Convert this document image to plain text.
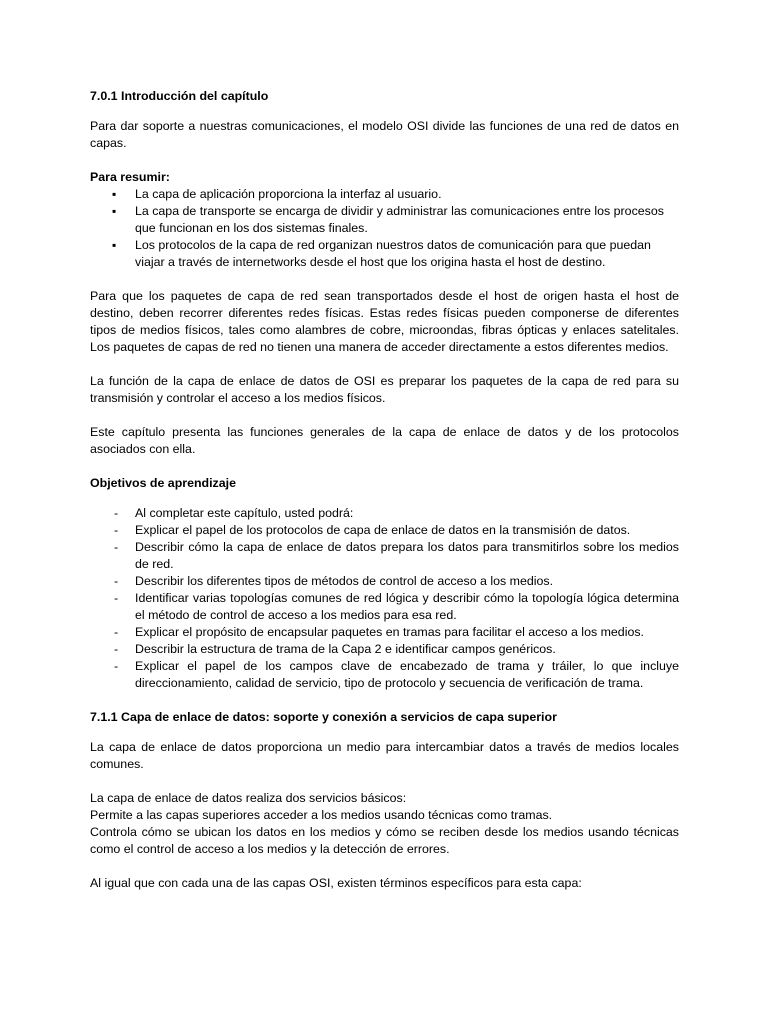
7.0.1 Introducción del capítulo

Para dar soporte a nuestras comunicaciones, el modelo OSI divide las funciones de una red de datos en capas.

Para resumir:

▪ La capa de aplicación proporciona la interfaz al usuario.
▪ La capa de transporte se encarga de dividir y administrar las comunicaciones entre los procesos que funcionan en los dos sistemas finales.
▪ Los protocolos de la capa de red organizan nuestros datos de comunicación para que puedan viajar a través de internetworks desde el host que los origina hasta el host de destino.

Para que los paquetes de capa de red sean transportados desde el host de origen hasta el host de destino, deben recorrer diferentes redes físicas. Estas redes físicas pueden componerse de diferentes tipos de medios físicos, tales como alambres de cobre, microondas, fibras ópticas y enlaces satelitales. Los paquetes de capas de red no tienen una manera de acceder directamente a estos diferentes medios.

La función de la capa de enlace de datos de OSI es preparar los paquetes de la capa de red para su transmisión y controlar el acceso a los medios físicos.

Este capítulo presenta las funciones generales de la capa de enlace de datos y de los protocolos asociados con ella.

Objetivos de aprendizaje
- Al completar este capítulo, usted podrá:
- Explicar el papel de los protocolos de capa de enlace de datos en la transmisión de datos.
- Describir cómo la capa de enlace de datos prepara los datos para transmitirlos sobre los medios de red.
- Describir los diferentes tipos de métodos de control de acceso a los medios.
- Identificar varias topologías comunes de red lógica y describir cómo la topología lógica determina el método de control de acceso a los medios para esa red.
- Explicar el propósito de encapsular paquetes en tramas para facilitar el acceso a los medios.
- Describir la estructura de trama de la Capa 2 e identificar campos genéricos.
- Explicar el papel de los campos clave de encabezado de trama y tráiler, lo que incluye direccionamiento, calidad de servicio, tipo de protocolo y secuencia de verificación de trama.
7.1.1 Capa de enlace de datos: soporte y conexión a servicios de capa superior

La capa de enlace de datos proporciona un medio para intercambiar datos a través de medios locales comunes.

La capa de enlace de datos realiza dos servicios básicos:

Permite a las capas superiores acceder a los medios usando técnicas como tramas.

Controla cómo se ubican los datos en los medios y cómo se reciben desde los medios usando técnicas como el control de acceso a los medios y la detección de errores.

Al igual que con cada una de las capas OSI, existen términos específicos para esta capa:
